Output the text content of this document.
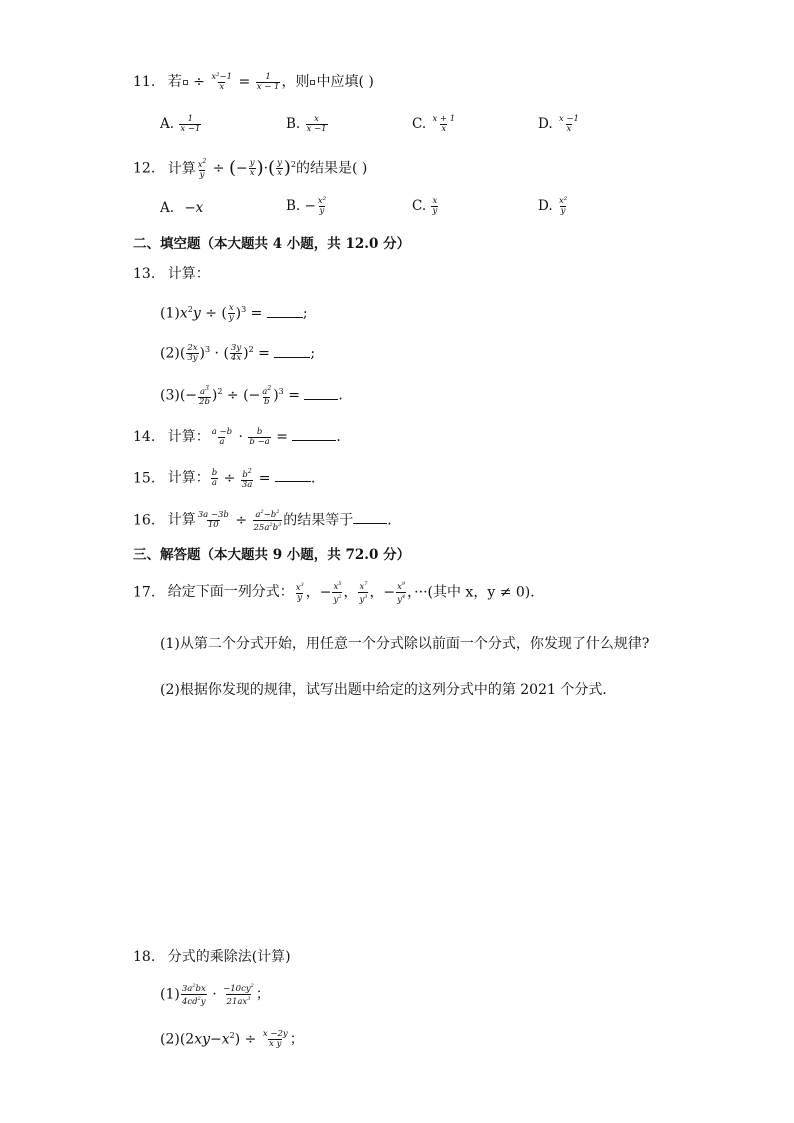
11. 若 ÷ $\frac{\text{x²−1}}{x} = \frac{1}{x - 1}$ ，则 中应填( )
A. $\frac{1}{x -1}$	B. $\frac{x}{x -1}$	C. $\frac{x + 1}{x}$	D. $\frac{x -1}{x}$
12. 计算 $\frac{x^2}{y}$ ÷ (− $\frac{y}{x}$ )·( $\frac{y}{x} )^2$的结果是( )
A. −x	B. − $\frac{\text{x²}}{y}$	C. $\frac{x}{y}$	D. $\frac{\text{x²}}{y}$
二、填空题（本大题共 4 小题，共 12.0 分）
13. 计算：
$(1)x^2y$ ÷ ( $\frac{x}{y} )^3$ =	;
$(2)( \frac{2x}{3y} )^3$ · ( $\frac{3y}{4x} )^2$ =	;
$(3)(- \frac{a^3}{2b} )^2$ ÷ (− $\frac{a^2}{b} )^3$ = ．
14. 计算： $\frac{a -b}{a} \cdot \frac{b}{b -a}$ =	．
15. 计算： $\frac{b}{a} \div \frac{b^2}{3a}$ =	．
16. 计算 $\frac{3a -3b}{10} \div \frac{a^2-b^2}{25a^2b^3}$ 的结果等于 ．
三、解答题（本大题共 9 小题，共 72.0 分）
17. 给定下面一列分式： $\frac{x^3}{y}$ ，− $\frac{x^5}{y^2}$ ， $\frac{x^7}{y^3}$ ，− $\frac{x^9}{y^4}$ ，···(其中 x，y ≠ 0)．
(1)从第二个分式开始，用任意一个分式除以前面一个分式，你发现了什么规律?
(2)根据你发现的规律，试写出题中给定的这列分式中的第 2021 个分式．
18. 分式的乘除法(计算)
$(1) \frac{3a^2bx}{4cd^2y} \cdot \frac{-10cy^2}{21ax^3}$ ；
$(2)(2xy-x^2) \div \frac{x -2y}{\text{x y}}$ ；
